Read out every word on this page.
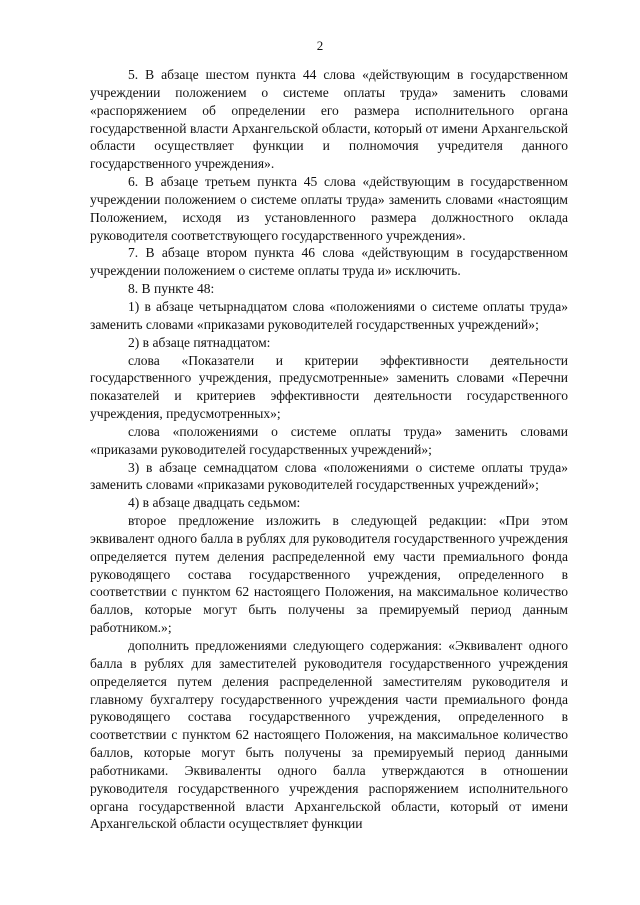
2

5. В абзаце шестом пункта 44 слова «действующим в государственном учреждении положением о системе оплаты труда» заменить словами «распоряжением об определении его размера исполнительного органа государственной власти Архангельской области, который от имени Архангельской области осуществляет функции и полномочия учредителя данного государственного учреждения».

6. В абзаце третьем пункта 45 слова «действующим в государственном учреждении положением о системе оплаты труда» заменить словами «настоящим Положением, исходя из установленного размера должностного оклада руководителя соответствующего государственного учреждения».

7. В абзаце втором пункта 46 слова «действующим в государственном учреждении положением о системе оплаты труда и» исключить.

8. В пункте 48:

1) в абзаце четырнадцатом слова «положениями о системе оплаты труда» заменить словами «приказами руководителей государственных учреждений»;

2) в абзаце пятнадцатом:

слова «Показатели и критерии эффективности деятельности государственного учреждения, предусмотренные» заменить словами «Перечни показателей и критериев эффективности деятельности государственного учреждения, предусмотренных»;

слова «положениями о системе оплаты труда» заменить словами «приказами руководителей государственных учреждений»;

3) в абзаце семнадцатом слова «положениями о системе оплаты труда» заменить словами «приказами руководителей государственных учреждений»;

4) в абзаце двадцать седьмом:

второе предложение изложить в следующей редакции: «При этом эквивалент одного балла в рублях для руководителя государственного учреждения определяется путем деления распределенной ему части премиального фонда руководящего состава государственного учреждения, определенного в соответствии с пунктом 62 настоящего Положения, на максимальное количество баллов, которые могут быть получены за премируемый период данным работником.»;

дополнить предложениями следующего содержания: «Эквивалент одного балла в рублях для заместителей руководителя государственного учреждения определяется путем деления распределенной заместителям руководителя и главному бухгалтеру государственного учреждения части премиального фонда руководящего состава государственного учреждения, определенного в соответствии с пунктом 62 настоящего Положения, на максимальное количество баллов, которые могут быть получены за премируемый период данными работниками. Эквиваленты одного балла утверждаются в отношении руководителя государственного учреждения распоряжением исполнительного органа государственной власти Архангельской области, который от имени Архангельской области осуществляет функции
